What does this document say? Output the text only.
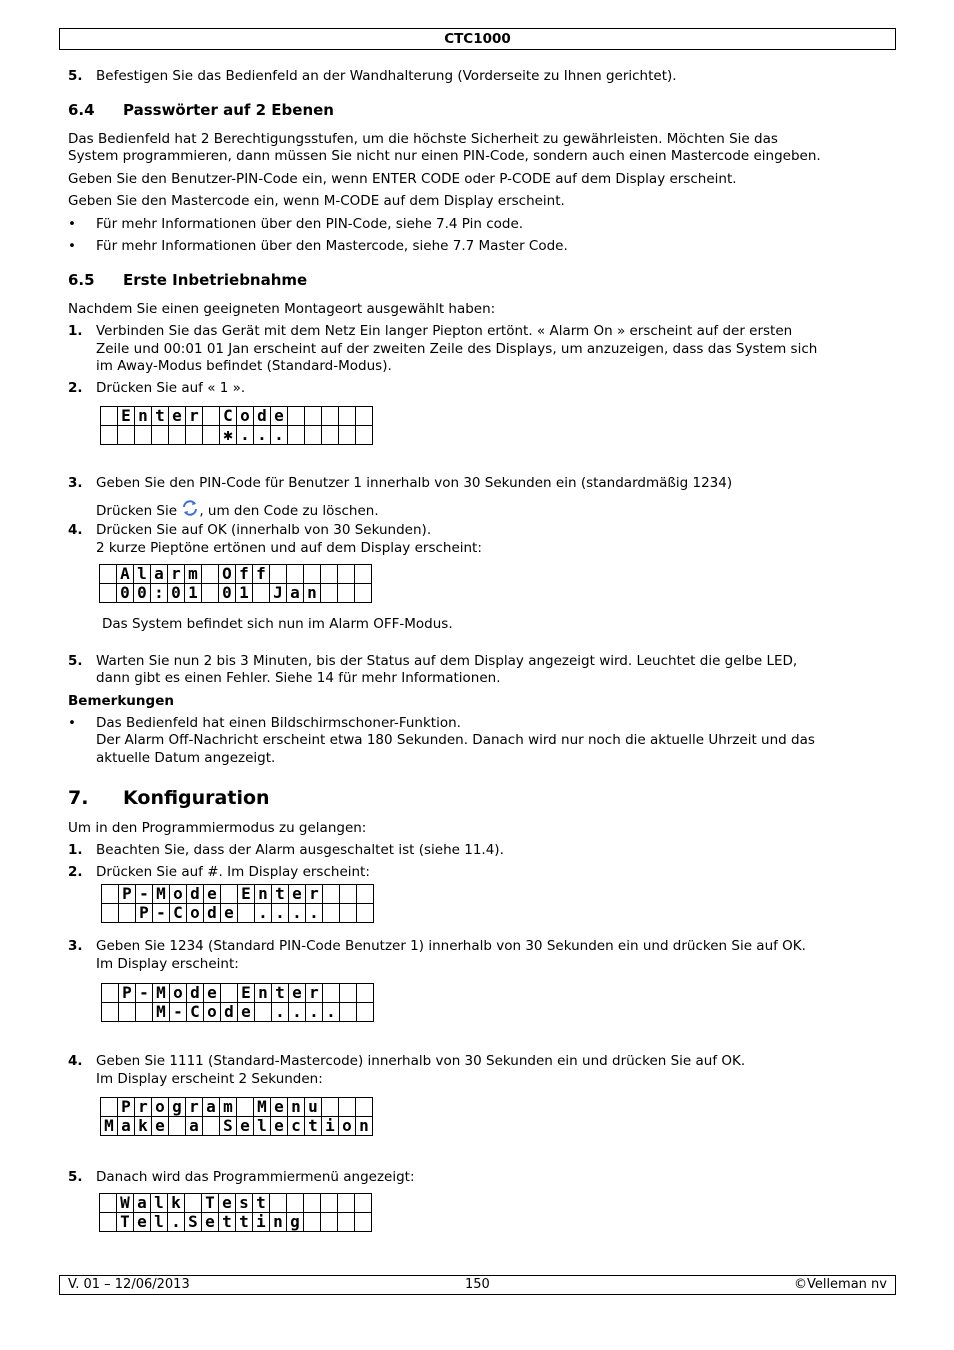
CTC1000
5. Befestigen Sie das Bedienfeld an der Wandhalterung (Vorderseite zu Ihnen gerichtet).
6.4 Passwörter auf 2 Ebenen
Das Bedienfeld hat 2 Berechtigungsstufen, um die höchste Sicherheit zu gewährleisten. Möchten Sie das
System programmieren, dann müssen Sie nicht nur einen PIN-Code, sondern auch einen Mastercode eingeben.
Geben Sie den Benutzer-PIN-Code ein, wenn ENTER CODE oder P-CODE auf dem Display erscheint.
Geben Sie den Mastercode ein, wenn M-CODE auf dem Display erscheint.
• Für mehr Informationen über den PIN-Code, siehe 7.4 Pin code.
• Für mehr Informationen über den Mastercode, siehe 7.7 Master Code.
6.5 Erste Inbetriebnahme
Nachdem Sie einen geeigneten Montageort ausgewählt haben:
1. Verbinden Sie das Gerät mit dem Netz Ein langer Piepton ertönt. « Alarm On » erscheint auf der ersten
Zeile und 00:01 01 Jan erscheint auf der zweiten Zeile des Displays, um anzuzeigen, dass das System sich
im Away-Modus befindet (Standard-Modus).
2. Drücken Sie auf « 1 ».
	E	n	t	e	r		C	o	d	e					
							✱	.	.	.					
3. Geben Sie den PIN-Code für Benutzer 1 innerhalb von 30 Sekunden ein (standardmäßig 1234)
Drücken Sie , um den Code zu löschen.
4. Drücken Sie auf OK (innerhalb von 30 Sekunden).
2 kurze Pieptöne ertönen und auf dem Display erscheint:
	A	l	a	r	m		O	f	f						
	0	0	:	0	1		0	1		J	a	n			
Das System befindet sich nun im Alarm OFF-Modus.
5. Warten Sie nun 2 bis 3 Minuten, bis der Status auf dem Display angezeigt wird. Leuchtet die gelbe LED,
dann gibt es einen Fehler. Siehe 14 für mehr Informationen.
Bemerkungen
• Das Bedienfeld hat einen Bildschirmschoner-Funktion.
Der Alarm Off-Nachricht erscheint etwa 180 Sekunden. Danach wird nur noch die aktuelle Uhrzeit und das
aktuelle Datum angezeigt.
7. Konfiguration
Um in den Programmiermodus zu gelangen:
1. Beachten Sie, dass der Alarm ausgeschaltet ist (siehe 11.4).
2. Drücken Sie auf #. Im Display erscheint:
	P	-	M	o	d	e		E	n	t	e	r			
		P	-	C	o	d	e		.	.	.	.			
3. Geben Sie 1234 (Standard PIN-Code Benutzer 1) innerhalb von 30 Sekunden ein und drücken Sie auf OK.
Im Display erscheint:
	P	-	M	o	d	e		E	n	t	e	r			
			M	-	C	o	d	e		.	.	.	.		
4. Geben Sie 1111 (Standard-Mastercode) innerhalb von 30 Sekunden ein und drücken Sie auf OK.
Im Display erscheint 2 Sekunden:
	P	r	o	g	r	a	m		M	e	n	u			
M	a	k	e		a		S	e	l	e	c	t	i	o	n
5. Danach wird das Programmiermenü angezeigt:
	W	a	l	k		T	e	s	t						
	T	e	l	.	S	e	t	t	i	n	g				
V. 01 – 12/06/2013	150	©Velleman nv
